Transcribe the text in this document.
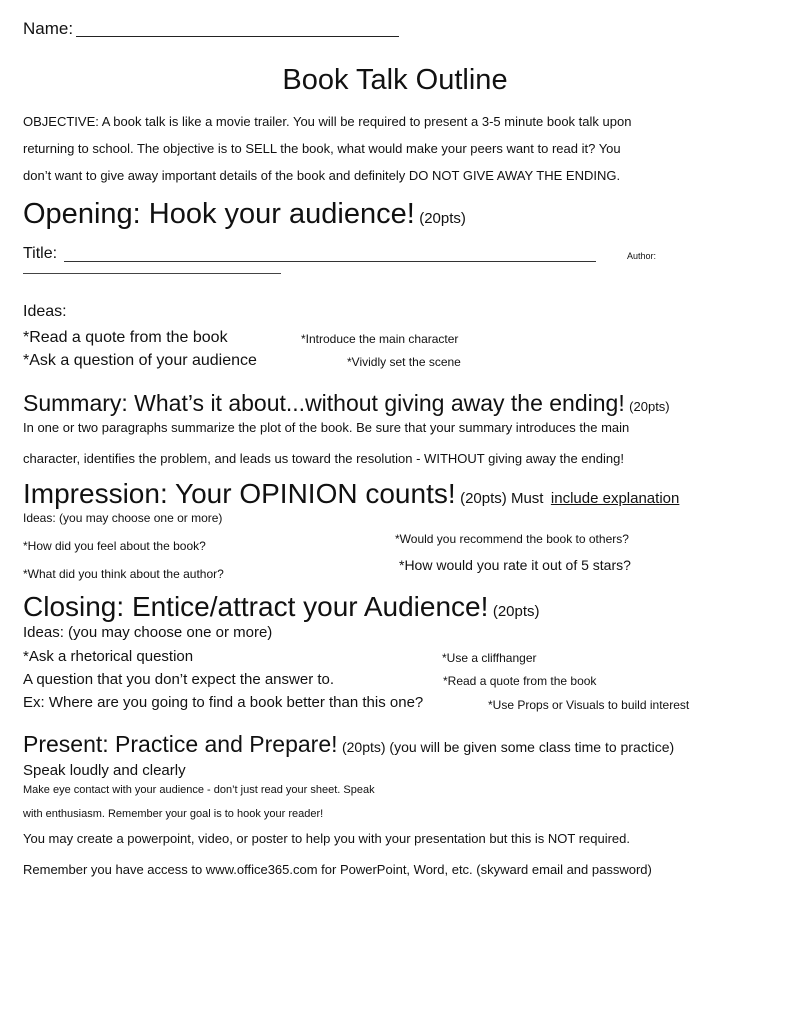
Name:
Book Talk Outline
OBJECTIVE: A book talk is like a movie trailer. You will be required to present a 3-5 minute book talk upon
returning to school. The objective is to SELL the book, what would make your peers want to read it? You
don’t want to give away important details of the book and definitely DO NOT GIVE AWAY THE ENDING.
Opening: Hook your audience! (20pts)
Title:	Author:
Ideas:
*Read a quote from the book
*Ask a question of your audience
*Introduce the main character
*Vividly set the scene
Summary: What’s it about...without giving away the ending! (20pts)
In one or two paragraphs summarize the plot of the book. Be sure that your summary introduces the main
character, identifies the problem, and leads us toward the resolution - WITHOUT giving away the ending!
Impression: Your OPINION counts! (20pts) Must include explanation
Ideas: (you may choose one or more)
*How did you feel about the book?
*What did you think about the author?
*Would you recommend the book to others?
*How would you rate it out of 5 stars?
Closing: Entice/attract your Audience! (20pts)
Ideas: (you may choose one or more)
*Ask a rhetorical question
A question that you don’t expect the answer to.
Ex: Where are you going to find a book better than this one?
*Use a cliffhanger
*Read a quote from the book
*Use Props or Visuals to build interest
Present: Practice and Prepare! (20pts) (you will be given some class time to practice)
Speak loudly and clearly
Make eye contact with your audience - don’t just read your sheet. Speak
with enthusiasm. Remember your goal is to hook your reader!
You may create a powerpoint, video, or poster to help you with your presentation but this is NOT required.
Remember you have access to www.office365.com for PowerPoint, Word, etc. (skyward email and password)
